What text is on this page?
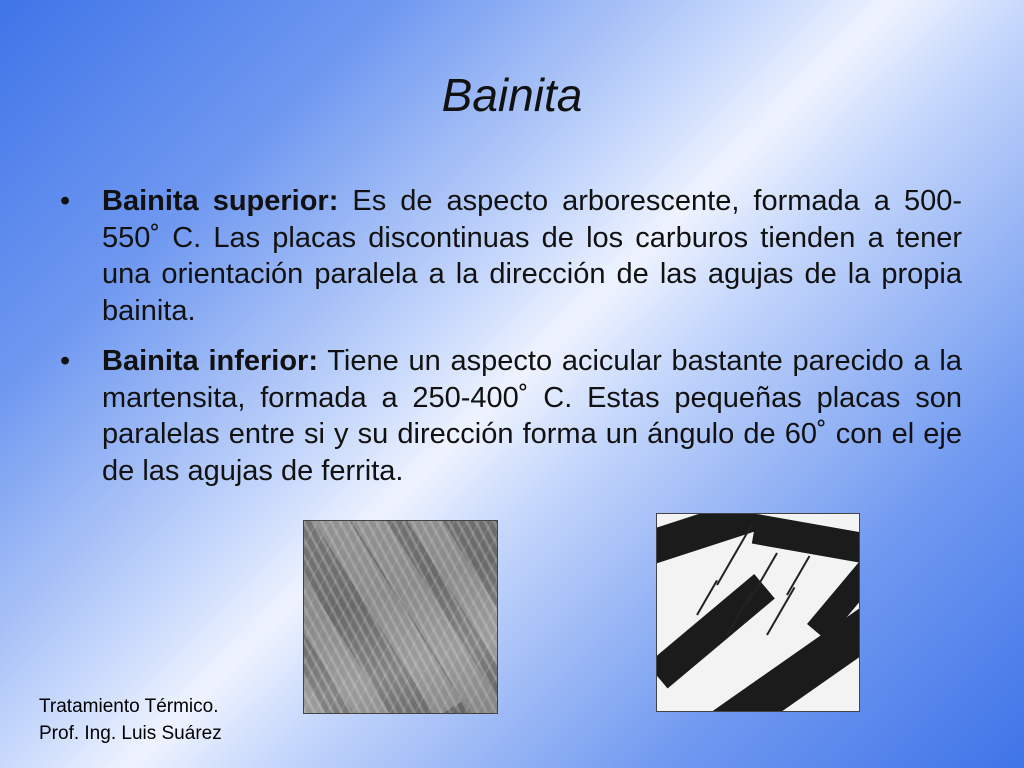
Bainita
•	Bainita superior: Es de aspecto arborescente, formada a 500-550˚ C. Las placas discontinuas de los carburos tienden a tener una orientación paralela a la dirección de las agujas de la propia bainita.
•	Bainita inferior: Tiene un aspecto acicular bastante parecido a la martensita, formada a 250-400˚ C. Estas pequeñas placas son paralelas entre si y su dirección forma un ángulo de 60˚ con el eje de las agujas de ferrita.
Tratamiento Térmico.
Prof. Ing. Luis Suárez
